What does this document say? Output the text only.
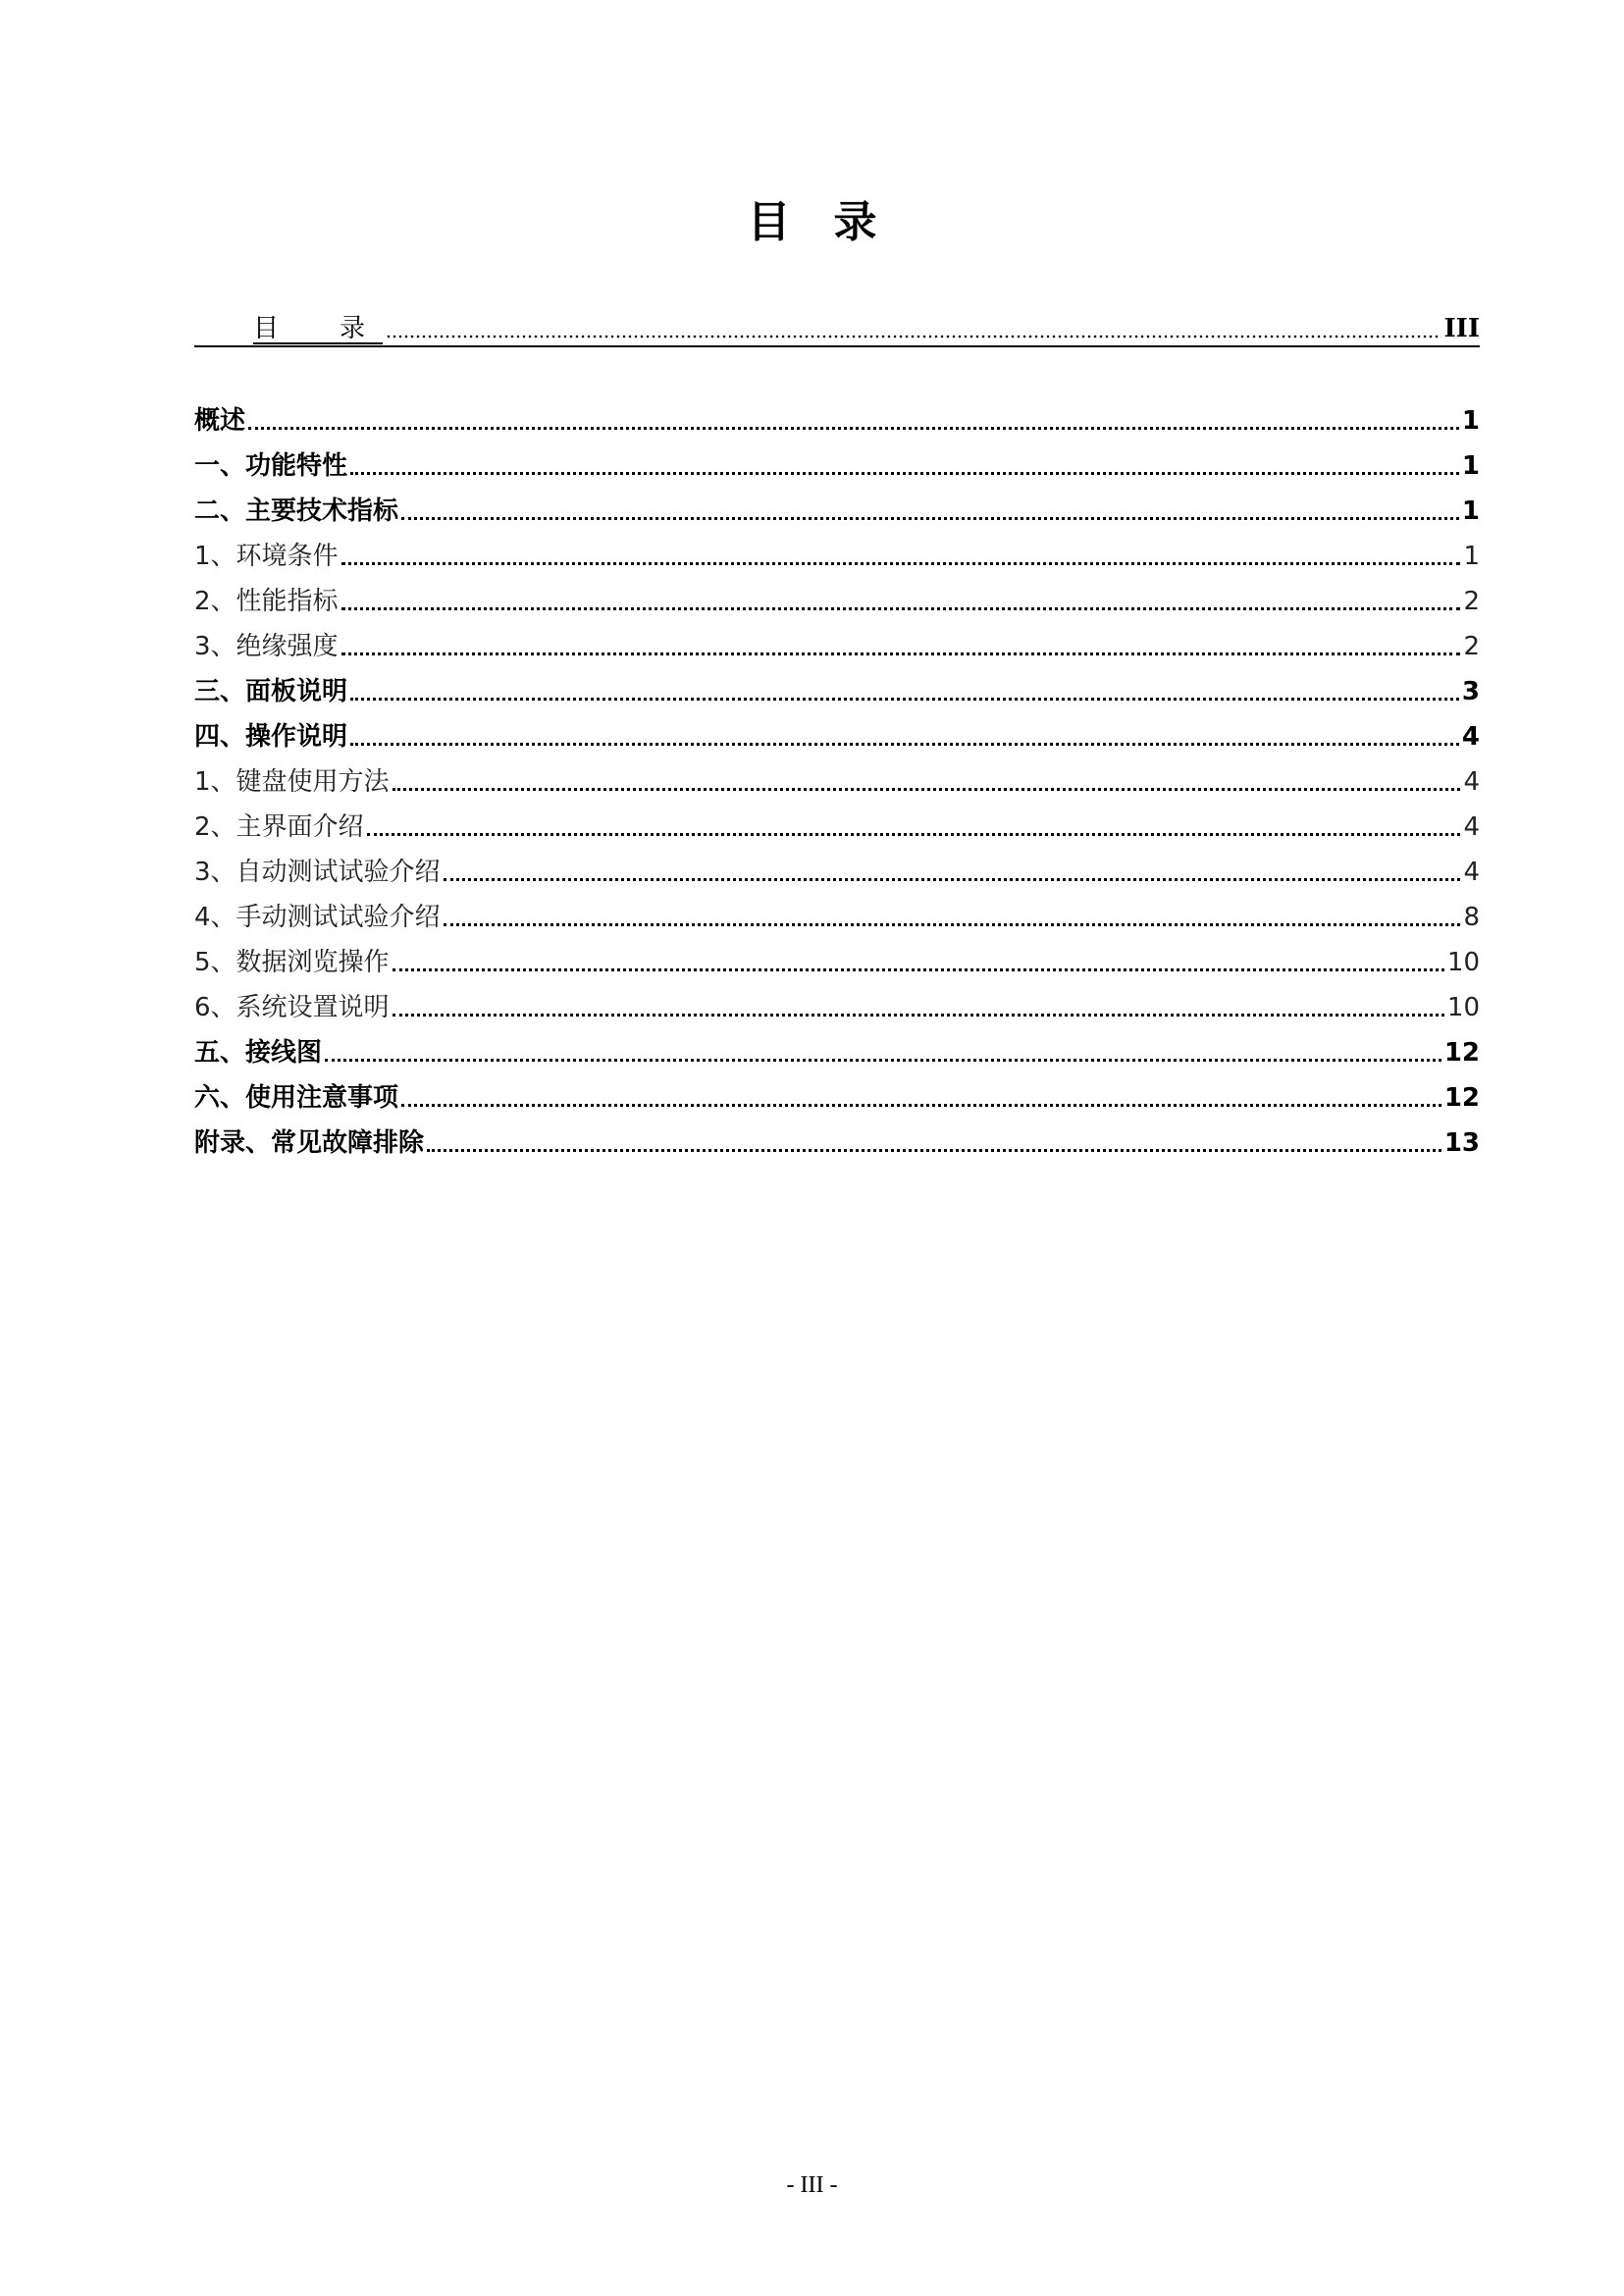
目　录
目　录	III
概述	1
一、功能特性	1
二、主要技术指标	1
1、环境条件	1
2、性能指标	2
3、绝缘强度	2
三、面板说明	3
四、操作说明	4
1、键盘使用方法	4
2、主界面介绍	4
3、自动测试试验介绍	4
4、手动测试试验介绍	8
5、数据浏览操作	10
6、系统设置说明	10
五、接线图	12
六、使用注意事项	12
附录、常见故障排除	13
- III -
